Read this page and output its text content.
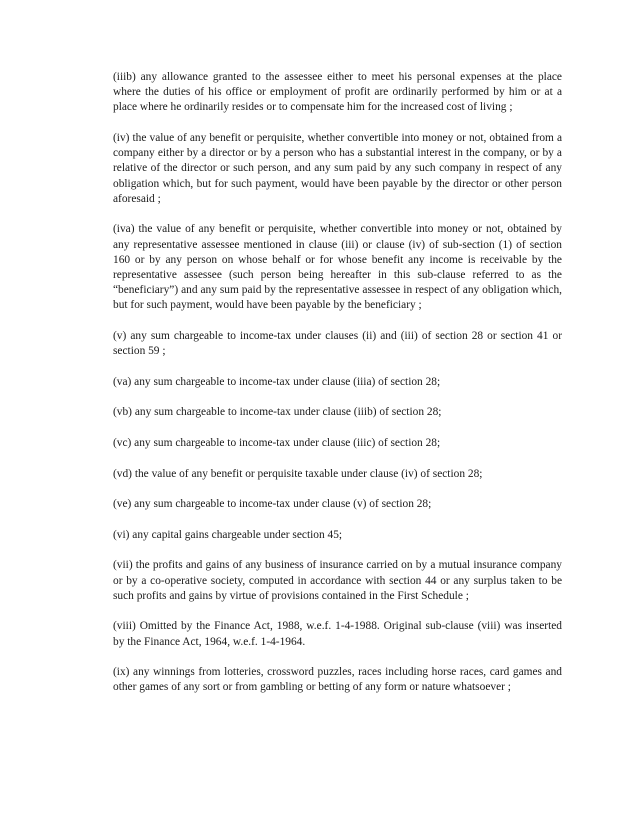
(iiib) any allowance granted to the assessee either to meet his personal expenses at the place where the duties of his office or employment of profit are ordinarily performed by him or at a place where he ordinarily resides or to compensate him for the increased cost of living ;

(iv) the value of any benefit or perquisite, whether convertible into money or not, obtained from a company either by a director or by a person who has a substantial interest in the company, or by a relative of the director or such person, and any sum paid by any such company in respect of any obligation which, but for such payment, would have been payable by the director or other person aforesaid ;

(iva) the value of any benefit or perquisite, whether convertible into money or not, obtained by any representative assessee mentioned in clause (iii) or clause (iv) of sub-section (1) of section 160 or by any person on whose behalf or for whose benefit any income is receivable by the representative assessee (such person being hereafter in this sub-clause referred to as the “beneficiary”) and any sum paid by the representative assessee in respect of any obligation which, but for such payment, would have been payable by the beneficiary ;

(v) any sum chargeable to income-tax under clauses (ii) and (iii) of section 28 or section 41 or section 59 ;

(va) any sum chargeable to income-tax under clause (iiia) of section 28;

(vb) any sum chargeable to income-tax under clause (iiib) of section 28;

(vc) any sum chargeable to income-tax under clause (iiic) of section 28;

(vd) the value of any benefit or perquisite taxable under clause (iv) of section 28;

(ve) any sum chargeable to income-tax under clause (v) of section 28;

(vi) any capital gains chargeable under section 45;

(vii) the profits and gains of any business of insurance carried on by a mutual insurance company or by a co-operative society, computed in accordance with section 44 or any surplus taken to be such profits and gains by virtue of provisions contained in the First Schedule ;

(viii) Omitted by the Finance Act, 1988, w.e.f. 1-4-1988. Original sub-clause (viii) was inserted by the Finance Act, 1964, w.e.f. 1-4-1964.

(ix) any winnings from lotteries, crossword puzzles, races including horse races, card games and other games of any sort or from gambling or betting of any form or nature whatsoever ;
